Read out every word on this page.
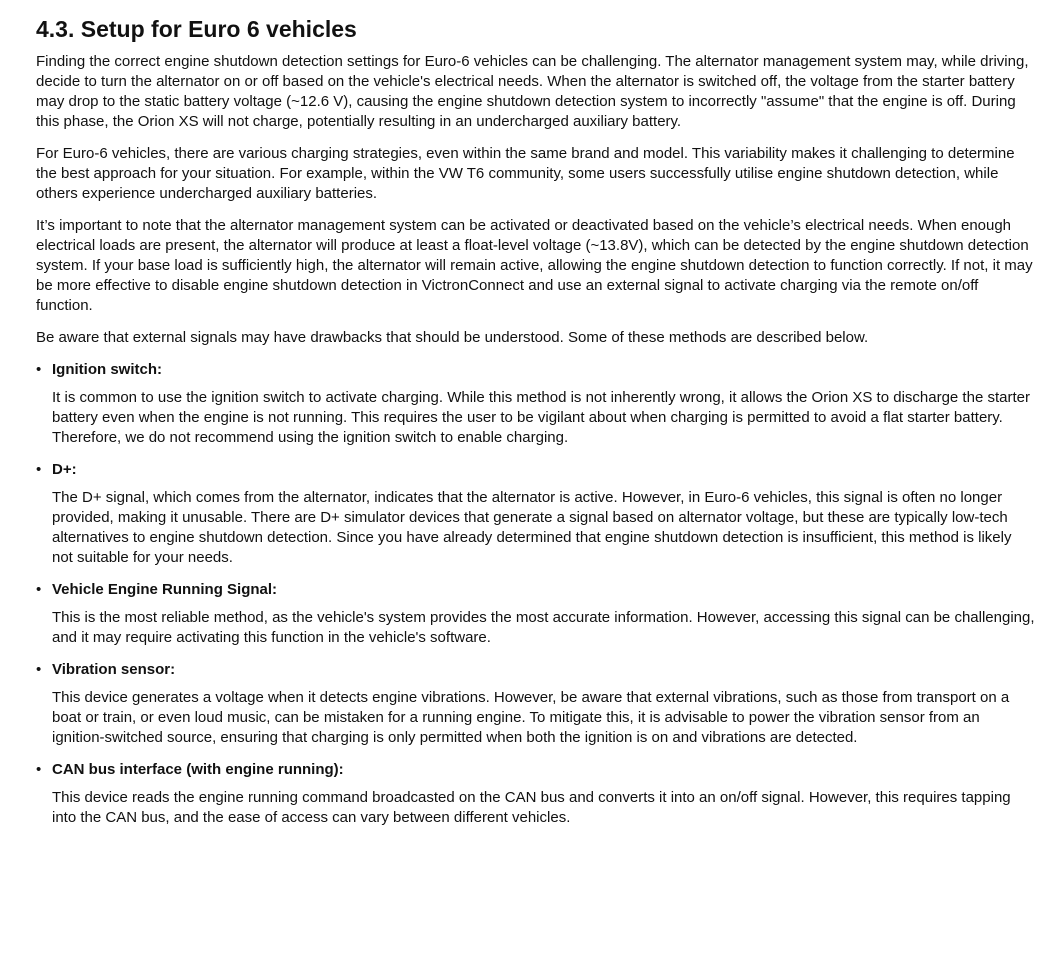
4.3. Setup for Euro 6 vehicles

Finding the correct engine shutdown detection settings for Euro-6 vehicles can be challenging. The alternator management system may, while driving, decide to turn the alternator on or off based on the vehicle's electrical needs. When the alternator is switched off, the voltage from the starter battery may drop to the static battery voltage (~12.6 V), causing the engine shutdown detection system to incorrectly "assume" that the engine is off. During this phase, the Orion XS will not charge, potentially resulting in an undercharged auxiliary battery.

For Euro-6 vehicles, there are various charging strategies, even within the same brand and model. This variability makes it challenging to determine the best approach for your situation. For example, within the VW T6 community, some users successfully utilise engine shutdown detection, while others experience undercharged auxiliary batteries.

It’s important to note that the alternator management system can be activated or deactivated based on the vehicle’s electrical needs. When enough electrical loads are present, the alternator will produce at least a float-level voltage (~13.8V), which can be detected by the engine shutdown detection system. If your base load is sufficiently high, the alternator will remain active, allowing the engine shutdown detection to function correctly. If not, it may be more effective to disable engine shutdown detection in VictronConnect and use an external signal to activate charging via the remote on/off function.

Be aware that external signals may have drawbacks that should be understood. Some of these methods are described below.

• Ignition switch:

It is common to use the ignition switch to activate charging. While this method is not inherently wrong, it allows the Orion XS to discharge the starter battery even when the engine is not running. This requires the user to be vigilant about when charging is permitted to avoid a flat starter battery. Therefore, we do not recommend using the ignition switch to enable charging.

• D+:

The D+ signal, which comes from the alternator, indicates that the alternator is active. However, in Euro-6 vehicles, this signal is often no longer provided, making it unusable. There are D+ simulator devices that generate a signal based on alternator voltage, but these are typically low-tech alternatives to engine shutdown detection. Since you have already determined that engine shutdown detection is insufficient, this method is likely not suitable for your needs.

• Vehicle Engine Running Signal:

This is the most reliable method, as the vehicle's system provides the most accurate information. However, accessing this signal can be challenging, and it may require activating this function in the vehicle's software.

• Vibration sensor:

This device generates a voltage when it detects engine vibrations. However, be aware that external vibrations, such as those from transport on a boat or train, or even loud music, can be mistaken for a running engine. To mitigate this, it is advisable to power the vibration sensor from an ignition-switched source, ensuring that charging is only permitted when both the ignition is on and vibrations are detected.

• CAN bus interface (with engine running):

This device reads the engine running command broadcasted on the CAN bus and converts it into an on/off signal. However, this requires tapping into the CAN bus, and the ease of access can vary between different vehicles.
